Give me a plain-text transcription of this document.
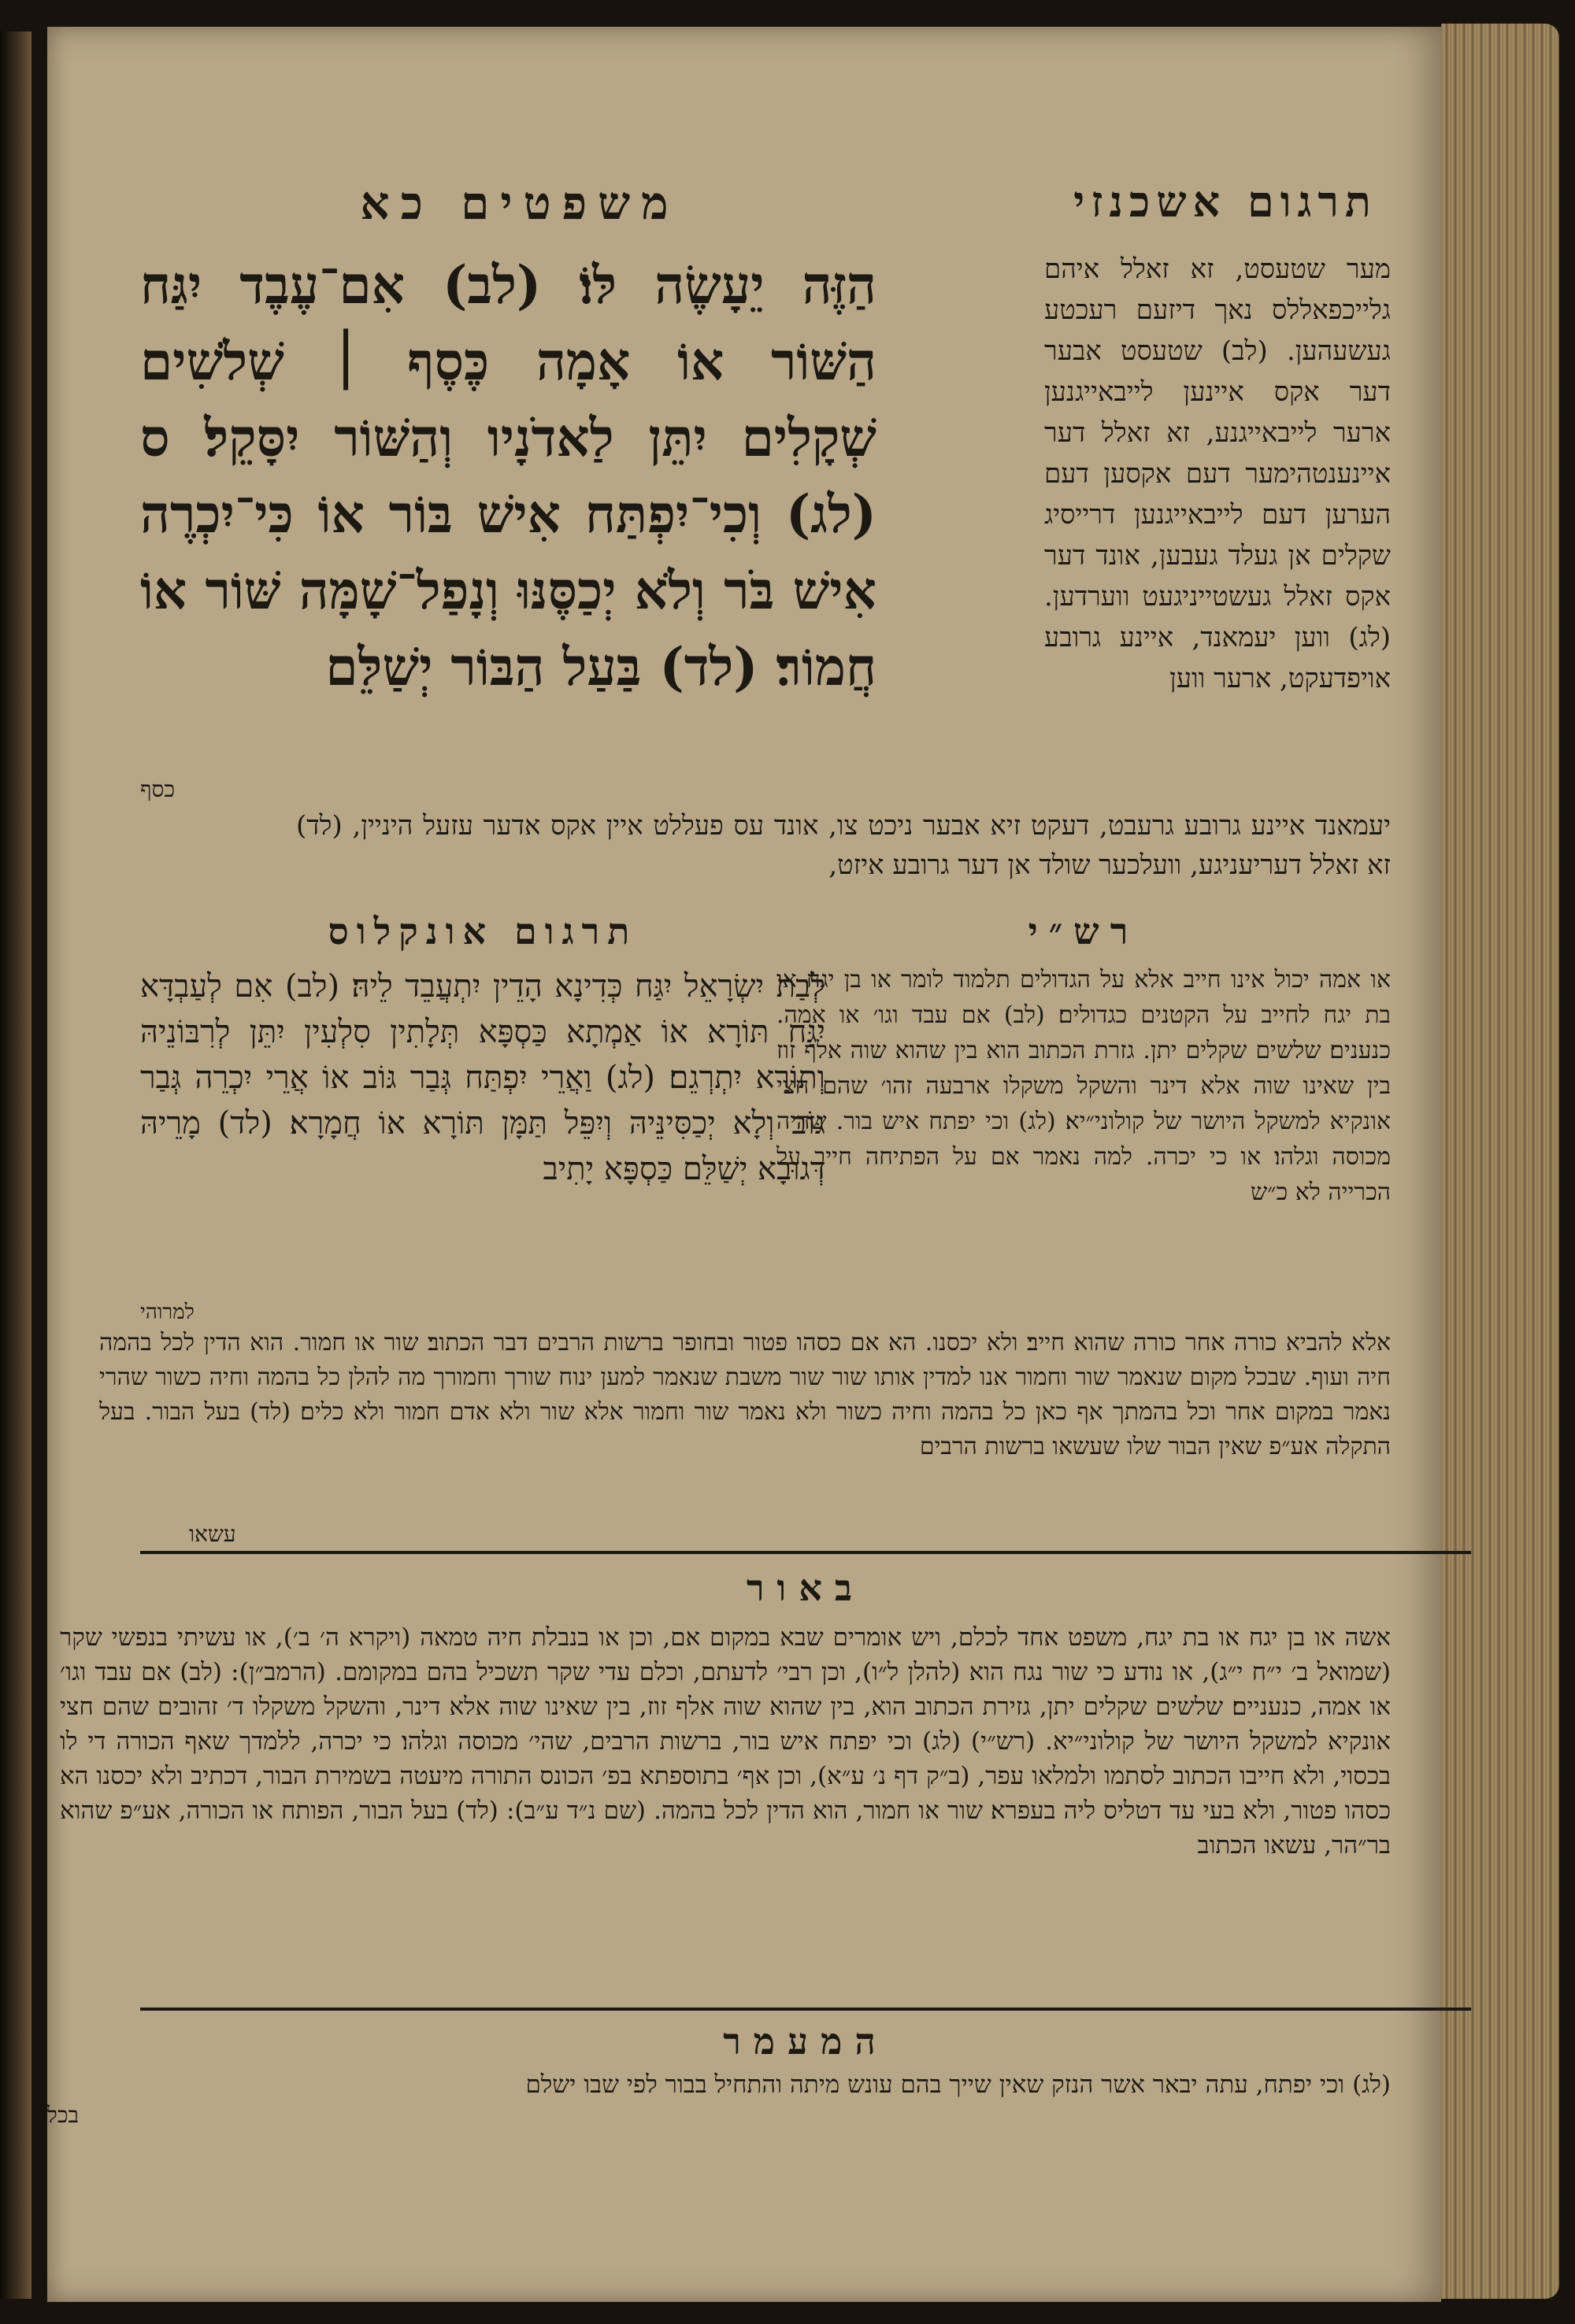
תרגום אשכנזי
משפטים כא
הַזֶּה יֵעָשֶׂה לּוֹ׃ (לב) אִם־עֶבֶד יִגַּח הַשּׁוֹר אוֹ אָמָה כֶּסֶף ׀ שְׁלֹשִׁים שְׁקָלִים יִתֵּן לַאדֹנָיו וְהַשּׁוֹר יִסָּקֵל׃ ס (לג) וְכִי־יִפְתַּח אִישׁ בּוֹר אוֹ כִּי־יִכְרֶה אִישׁ בֹּר וְלֹא יְכַסֶּנּוּ וְנָפַל־שָׁמָּה שּׁוֹר אוֹ חֲמוֹר׃ (לד) בַּעַל הַבּוֹר יְשַׁלֵּם
כסף
מער שטעסט, זא זאלל איהם גלייכפאללס נאך דיזעם רעכטע געשעהען. (לב) שטעסט אבער דער אקס איינען לייבאייגנען ארער לייבאייגנע, זא זאלל דער איינענטהימער דעם אקסען דעם הערען דעם לייבאייגנען דרייסיג שקלים אן געלד געבען, אונד דער אקס זאלל געשטייניגעט ווערדען. (לג) ווען יעמאנד, איינע גרובע אויפדעקט, ארער ווען
יעמאנד איינע גרובע גרעבט, דעקט זיא אבער ניכט צו, אונד עס פעללט איין אקס אדער עזעל היניין, (לד) זא זאלל דעריעניגע, וועלכער שולד אן דער גרובע איזט,
תרגום אונקלוס	רש״י
לְבַת יִשְׂרָאֵל יִגַּח כְּדִינָא הָדֵין יִתְעֲבֵד לֵיהּ׃ (לב) אִם לְעַבְדָּא יִגַּח תּוֹרָא אוֹ אַמְתָא כַּסְפָּא תְּלָתִין סִלְעִין יִתֵּן לְרִבּוֹנֵיהּ וְתוֹרָא יִתְרְגֵם׃ (לג) וַאֲרֵי יִפְתַּח גְּבַר גּוֹב אוֹ אֲרֵי יִכְרֵה גְּבַר גּוֹב וְלָא יְכַסִּינֵּיהּ וְיִפֵּל תַּמָּן תּוֹרָא אוֹ חֲמָרָא׃ (לד) מָרֵיהּ דְּגוּבָא יְשַׁלֵּם כַּסְפָּא יָתִיב
למרוהי
או אמה יכול אינו חייב אלא על הגדולים תלמוד לומר או בן יגח או בת יגח לחייב על הקטנים כגדולים׃ (לב) אם עבד וגו׳ או אמה. כנענים׃ שלשים שקלים יתן. גזרת הכתוב הוא בין שהוא שוה אלף זוז בין שאינו שוה אלא דינר והשקל משקלו ארבעה זהו׳ שהם חצי אונקיא למשקל היושר של קולוני״יא׃ (לג) וכי יפתח איש בור. שהיה מכוסה וגלהו׃ או כי יכרה. למה נאמר אם על הפתיחה חייב על הכרייה לא כ״ש
אלא להביא כורה אחר כורה שהוא חייב׃ ולא יכסנו. הא אם כסהו פטור ובחופר ברשות הרבים דבר הכתוב׃ שור או חמור. הוא הדין לכל בהמה חיה ועוף. שבכל מקום שנאמר שור וחמור אנו למדין אותו שור שור משבת שנאמר למען ינוח שורך וחמורך מה להלן כל בהמה וחיה כשור שהרי נאמר במקום אחר וכל בהמתך אף כאן כל בהמה וחיה כשור ולא נאמר שור וחמור אלא שור ולא אדם חמור ולא כלים׃ (לד) בעל הבור. בעל התקלה אע״פ שאין הבור שלו שעשאו ברשות הרבים
עשאו
באור
אשה או בן יגח או בת יגח, משפט אחד לכלם, ויש אומרים שבא במקום אם, וכן או בנבלת חיה טמאה (ויקרא ה׳ ב׳), או עשיתי בנפשי שקר (שמואל ב׳ י״ח י״ג), או נודע כי שור נגח הוא (להלן ל״ו), וכן רבי׳ לדעתם, וכלם עדי שקר תשכיל בהם במקומם. (הרמב״ן): (לב) אם עבד וגו׳ או אמה, כנעניים׃ שלשים שקלים יתן, גזירת הכתוב הוא, בין שהוא שוה אלף זוז, בין שאינו שוה אלא דינר, והשקל משקלו ד׳ זהובים שהם חצי אונקיא למשקל היושר של קולוני״יא. (רש״י) (לג) וכי יפתח איש בור, ברשות הרבים, שהי׳ מכוסה וגלהו׃ כי יכרה, ללמדך שאף הכורה די לו בכסוי, ולא חייבו הכתוב לסתמו ולמלאו עפר, (ב״ק דף נ׳ ע״א), וכן אף׳ בתוספתא בפ׳ הכונס התורה מיעטה בשמירת הבור, דכתיב ולא יכסנו הא כסהו פטור, ולא בעי עד דטליס ליה בעפרא׃ שור או חמור, הוא הדין לכל בהמה. (שם נ״ד ע״ב): (לד) בעל הבור, הפותח או הכורה, אע״פ שהוא בר״הר, עשאו הכתוב
המעמר
(לג) וכי יפתח, עתה יבאר אשר הנזק שאין שייך בהם עונש מיתה והתחיל בבור לפי שבו ישלם
בכל
